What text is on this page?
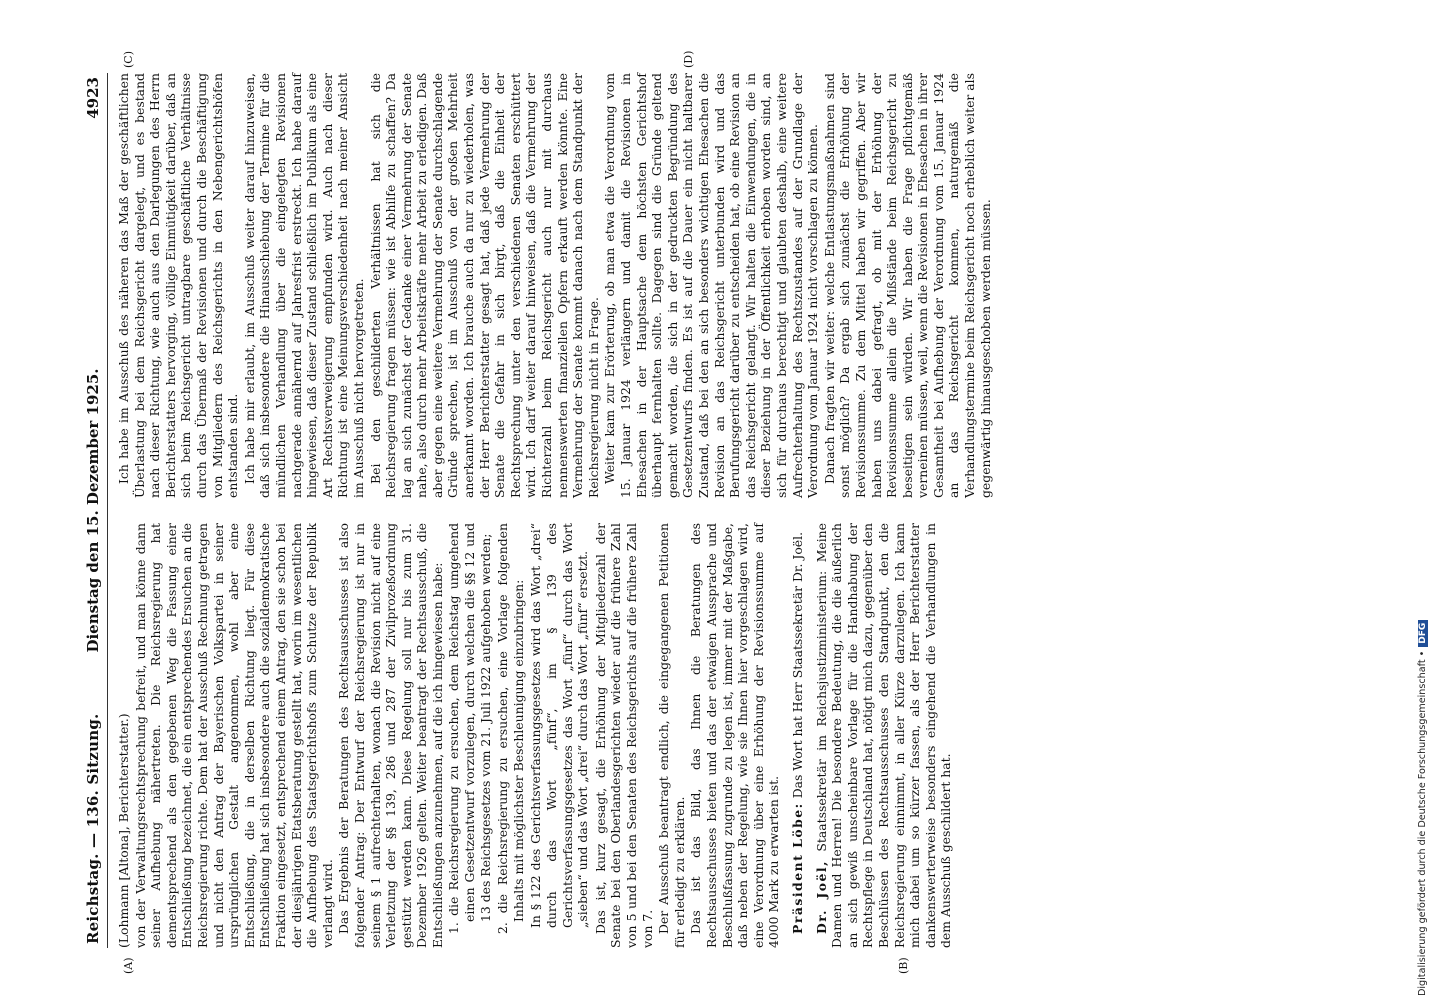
Reichstag. — 136. Sitzung.
Dienstag den 15. Dezember 1925.
4923
(A)	(B)
(C)	(D)

(Lohmann [Altona], Berichterstatter.) von der Verwaltungsrechtsprechung befreit, und man könne dann seiner Aufhebung nähertreten. Die Reichsregierung hat dementsprechend als den gegebenen Weg die Fassung einer Entschließung bezeichnet, die ein entsprechendes Ersuchen an die Reichsregierung richte. Dem hat der Ausschuß Rechnung getragen und nicht den Antrag der Bayerischen Volkspartei in seiner ursprünglichen Gestalt angenommen, wohl aber eine Entschließung, die in derselben Richtung liegt. Für diese Entschließung hat sich insbesondere auch die sozialdemokratische Fraktion eingesetzt, entsprechend einem Antrag, den sie schon bei der diesjährigen Etatsberatung gestellt hat, worin im wesentlichen die Aufhebung des Staatsgerichtshofs zum Schutze der Republik verlangt wird. Das Ergebnis der Beratungen des Rechtsausschusses ist also folgender Antrag: Der Entwurf der Reichsregierung ist nur in seinem § 1 aufrechterhalten, wonach die Revision nicht auf eine Verletzung der §§ 139, 286 und 287 der Zivilprozeßordnung gestützt werden kann. Diese Regelung soll nur bis zum 31. Dezember 1926 gelten. Weiter beantragt der Rechtsausschuß, die Entschließungen anzunehmen, auf die ich hingewiesen habe: 1. die Reichsregierung zu ersuchen, dem Reichstag umgehend einen Gesetzentwurf vorzulegen, durch welchen die §§ 12 und 13 des Reichsgesetzes vom 21. Juli 1922 aufgehoben werden; 2. die Reichsregierung zu ersuchen, eine Vorlage folgenden Inhalts mit möglichster Beschleunigung einzubringen: In § 122 des Gerichtsverfassungsgesetzes wird das Wort „drei“ durch das Wort „fünf“, im § 139 des Gerichtsverfassungsgesetzes das Wort „fünf“ durch das Wort „sieben“ und das Wort „drei“ durch das Wort „fünf“ ersetzt. Das ist, kurz gesagt, die Erhöhung der Mitgliederzahl der Senate bei den Oberlandesgerichten wieder auf die frühere Zahl von 5 und bei den Senaten des Reichsgerichts auf die frühere Zahl von 7. Der Ausschuß beantragt endlich, die eingegangenen Petitionen für erledigt zu erklären. Das ist das Bild, das Ihnen die Beratungen des Rechtsausschusses bieten und das der etwaigen Aussprache und Beschlußfassung zugrunde zu legen ist, immer mit der Maßgabe, daß neben der Regelung, wie sie Ihnen hier vorgeschlagen wird, eine Verordnung über eine Erhöhung der Revisionssumme auf 4000 Mark zu erwarten ist. Präsident Löbe: Das Wort hat Herr Staatssekretär Dr. Joël.

Dr. Joël, Staatssekretär im Reichsjustizministerium: Meine Damen und Herren! Die besondere Bedeutung, die die äußerlich an sich gewiß unscheinbare Vorlage für die Handhabung der Rechtspflege in Deutschland hat, nötigt mich dazu, gegenüber den Beschlüssen des Rechtsausschusses den Standpunkt, den die Reichsregierung einnimmt, in aller Kürze darzulegen. Ich kann mich dabei um so kürzer fassen, als der Herr Berichterstatter dankenswerterweise besonders eingehend die Verhandlungen in dem Ausschuß geschildert hat.

Ich habe im Ausschuß des näheren das Maß der geschäftlichen Überlastung bei dem Reichsgericht dargelegt, und es bestand nach dieser Richtung, wie auch aus den Darlegungen des Herrn Berichterstatters hervorging, völlige Einmütigkeit darüber, daß an sich beim Reichsgericht untragbare geschäftliche Verhältnisse durch das Übermaß der Revisionen und durch die Beschäftigung von Mitgliedern des Reichsgerichts in den Nebengerichtshöfen entstanden sind. Ich habe mir erlaubt, im Ausschuß weiter darauf hinzuweisen, daß sich insbesondere die Hinausschiebung der Termine für die mündlichen Verhandlung über die eingelegten Revisionen nachgerade annähernd auf Jahresfrist erstreckt. Ich habe darauf hingewiesen, daß dieser Zustand schließlich im Publikum als eine Art Rechtsverweigerung empfunden wird. Auch nach dieser Richtung ist eine Meinungsverschiedenheit nach meiner Ansicht im Ausschuß nicht hervorgetreten. Bei den geschilderten Verhältnissen hat sich die Reichsregierung fragen müssen: wie ist Abhilfe zu schaffen? Da lag an sich zunächst der Gedanke einer Vermehrung der Senate nahe, also durch mehr Arbeitskräfte mehr Arbeit zu erledigen. Daß aber gegen eine weitere Vermehrung der Senate durchschlagende Gründe sprechen, ist im Ausschuß von der großen Mehrheit anerkannt worden. Ich brauche auch da nur zu wiederholen, was der Herr Berichterstatter gesagt hat, daß jede Vermehrung der Senate die Gefahr in sich birgt, daß die Einheit der Rechtsprechung unter den verschiedenen Senaten erschüttert wird. Ich darf weiter darauf hinweisen, daß die Vermehrung der Richterzahl beim Reichsgericht auch nur mit durchaus nennenswerten finanziellen Opfern erkauft werden könnte. Eine Vermehrung der Senate kommt danach nach dem Standpunkt der Reichsregierung nicht in Frage. Weiter kam zur Erörterung, ob man etwa die Verordnung vom 15. Januar 1924 verlängern und damit die Revisionen in Ehesachen in der Hauptsache dem höchsten Gerichtshof überhaupt fernhalten sollte. Dagegen sind die Gründe geltend gemacht worden, die sich in der gedruckten Begründung des Gesetzentwurfs finden. Es ist auf die Dauer ein nicht haltbarer Zustand, daß bei den an sich besonders wichtigen Ehesachen die Revision an das Reichsgericht unterbunden wird und das Berufungsgericht darüber zu entscheiden hat, ob eine Revision an das Reichsgericht gelangt. Wir halten die Einwendungen, die in dieser Beziehung in der Öffentlichkeit erhoben worden sind, an sich für durchaus berechtigt und glaubten deshalb, eine weitere Aufrechterhaltung des Rechtszustandes auf der Grundlage der Verordnung vom Januar 1924 nicht vorschlagen zu können. Danach fragten wir weiter: welche Entlastungsmaßnahmen sind sonst möglich? Da ergab sich zunächst die Erhöhung der Revisionssumme. Zu dem Mittel haben wir gegriffen. Aber wir haben uns dabei gefragt, ob mit der Erhöhung der Revisionssumme allein die Mißstände beim Reichsgericht zu beseitigen sein würden. Wir haben die Frage pflichtgemäß verneinen müssen, weil, wenn die Revisionen in Ehesachen in ihrer Gesamtheit bei Aufhebung der Verordnung vom 15. Januar 1924 an das Reichsgericht kommen, naturgemäß die Verhandlungstermine beim Reichsgericht noch erheblich weiter als gegenwärtig hinausgeschoben werden müssen.

Digitalisierung gefördert durch die Deutsche Forschungsgemeinschaft •DFG
